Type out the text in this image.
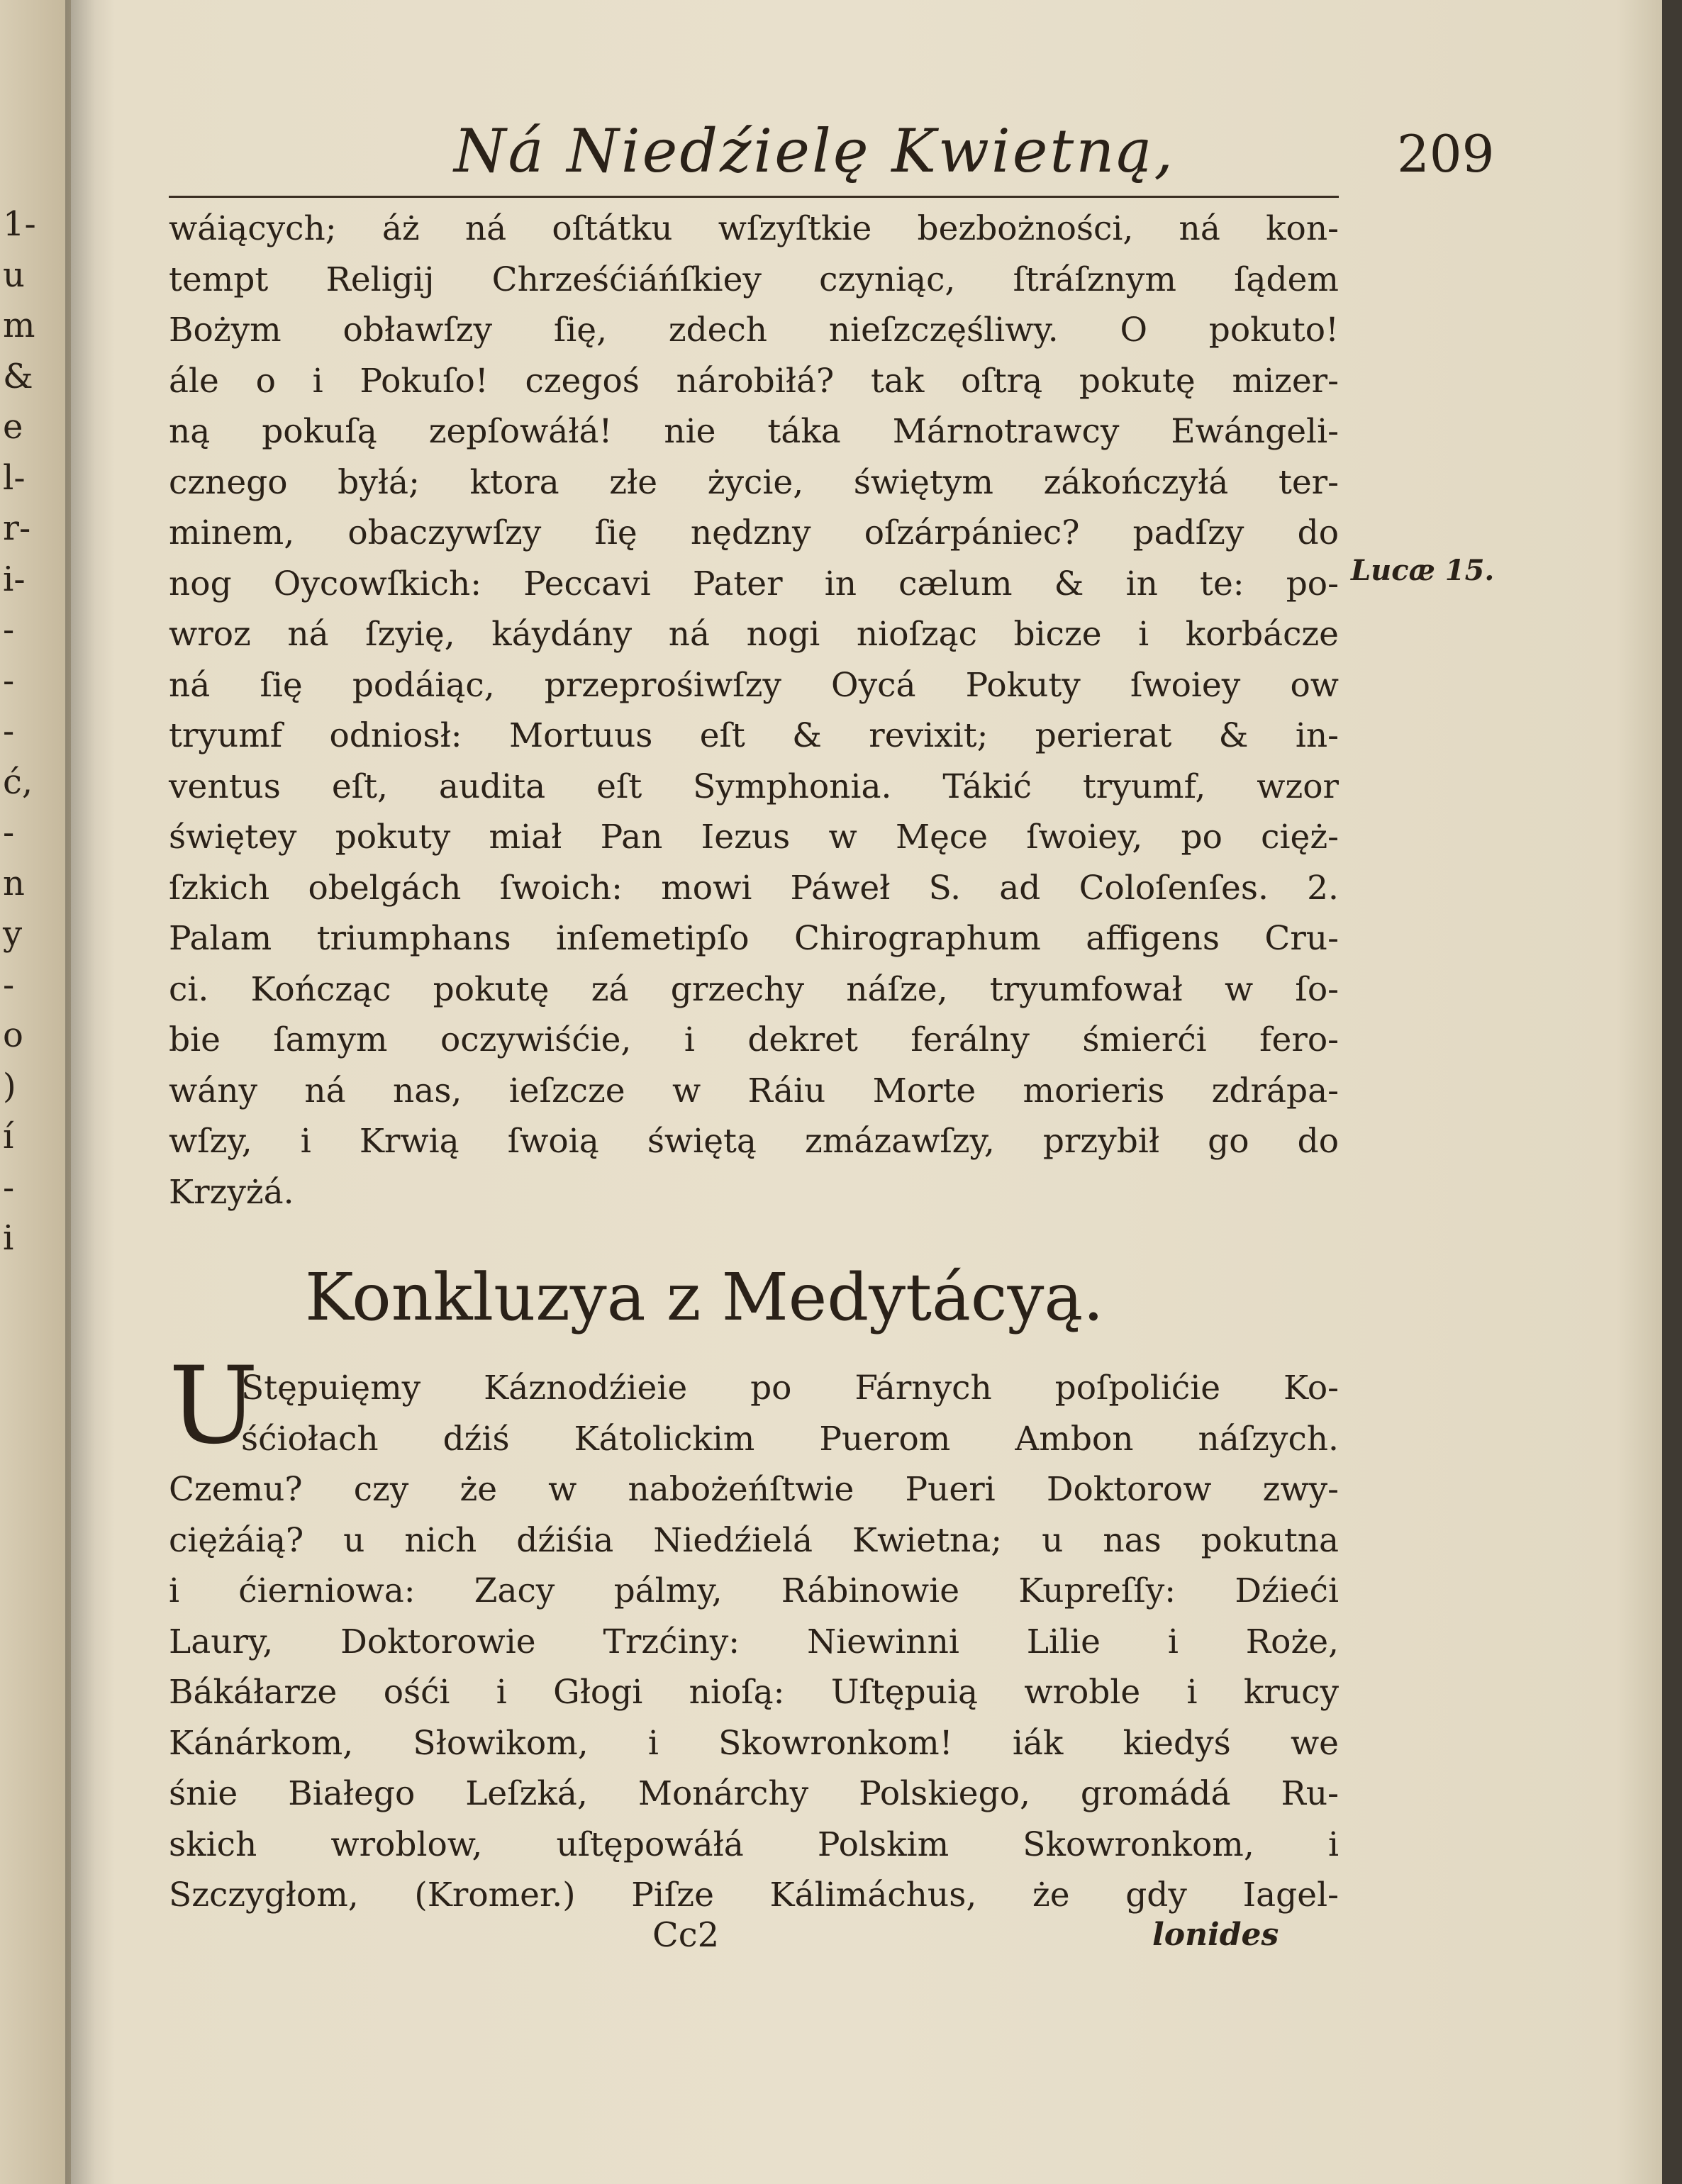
1-
u
m
&
e
l-
r-
i-
-
-
-
ć,
-
n
y
-
o
)
í
-
i
Ná Niedźielę Kwietną,	209
wáiących; áż ná oſtátku wſzyſtkie bezbożności, ná kon-
tempt Religij Chrześćiáńſkiey czyniąc, ſtráſznym ſądem
Bożym obławſzy ſię, zdech nieſzczęśliwy. O pokuto!
ále o i Pokuſo! czegoś nárobiłá? tak oſtrą pokutę mizer-
ną pokuſą zepſowáłá! nie táka Márnotrawcy Ewángeli-
cznego byłá; ktora złe życie, świętym zákończyłá ter-
minem, obaczywſzy ſię nędzny oſzárpániec? padſzy do
nog Oycowſkich: Peccavi Pater in cælum & in te: po-
wroz ná ſzyię, káydány ná nogi nioſząc bicze i korbácze
ná ſię podáiąc, przeprośiwſzy Oycá Pokuty ſwoiey ow
tryumf odniosł: Mortuus eſt & revixit; perierat & in-
ventus eſt, audita eſt Symphonia. Tákić tryumf, wzor
świętey pokuty miał Pan Iezus w Męce ſwoiey, po cięż-
ſzkich obelgách ſwoich: mowi Páweł S. ad Coloſenſes. 2.
Palam triumphans inſemetipſo Chirographum affigens Cru-
ci. Kończąc pokutę zá grzechy náſze, tryumfował w ſo-
bie ſamym oczywiśćie, i dekret ferálny śmierći fero-
wány ná nas, ieſzcze w Ráiu Morte morieris zdrápa-
wſzy, i Krwią ſwoią świętą zmázawſzy, przybił go do
Krzyżá.
Lucæ 15.
Konkluzya z Medytácyą.
U
Stępuięmy Káznodźieie po Fárnych poſpolićie Ko-
śćiołach dźiś Kátolickim Puerom Ambon náſzych.
Czemu? czy że w nabożeńſtwie Pueri Doktorow zwy-
ciężáią? u nich dźiśia Niedźielá Kwietna; u nas pokutna
i ćierniowa: Zacy pálmy, Rábinowie Kupreſſy: Dźieći
Laury, Doktorowie Trzćiny: Niewinni Lilie i Roże,
Bákáłarze ośći i Głogi nioſą: Uſtępuią wroble i krucy
Kánárkom, Słowikom, i Skowronkom! iák kiedyś we
śnie Białego Leſzká, Monárchy Polskiego, gromádá Ru-
skich wroblow, uſtępowáłá Polskim Skowronkom, i
Szczygłom, (Kromer.) Piſze Kálimáchus, że gdy Iagel-
Cc2	lonides
